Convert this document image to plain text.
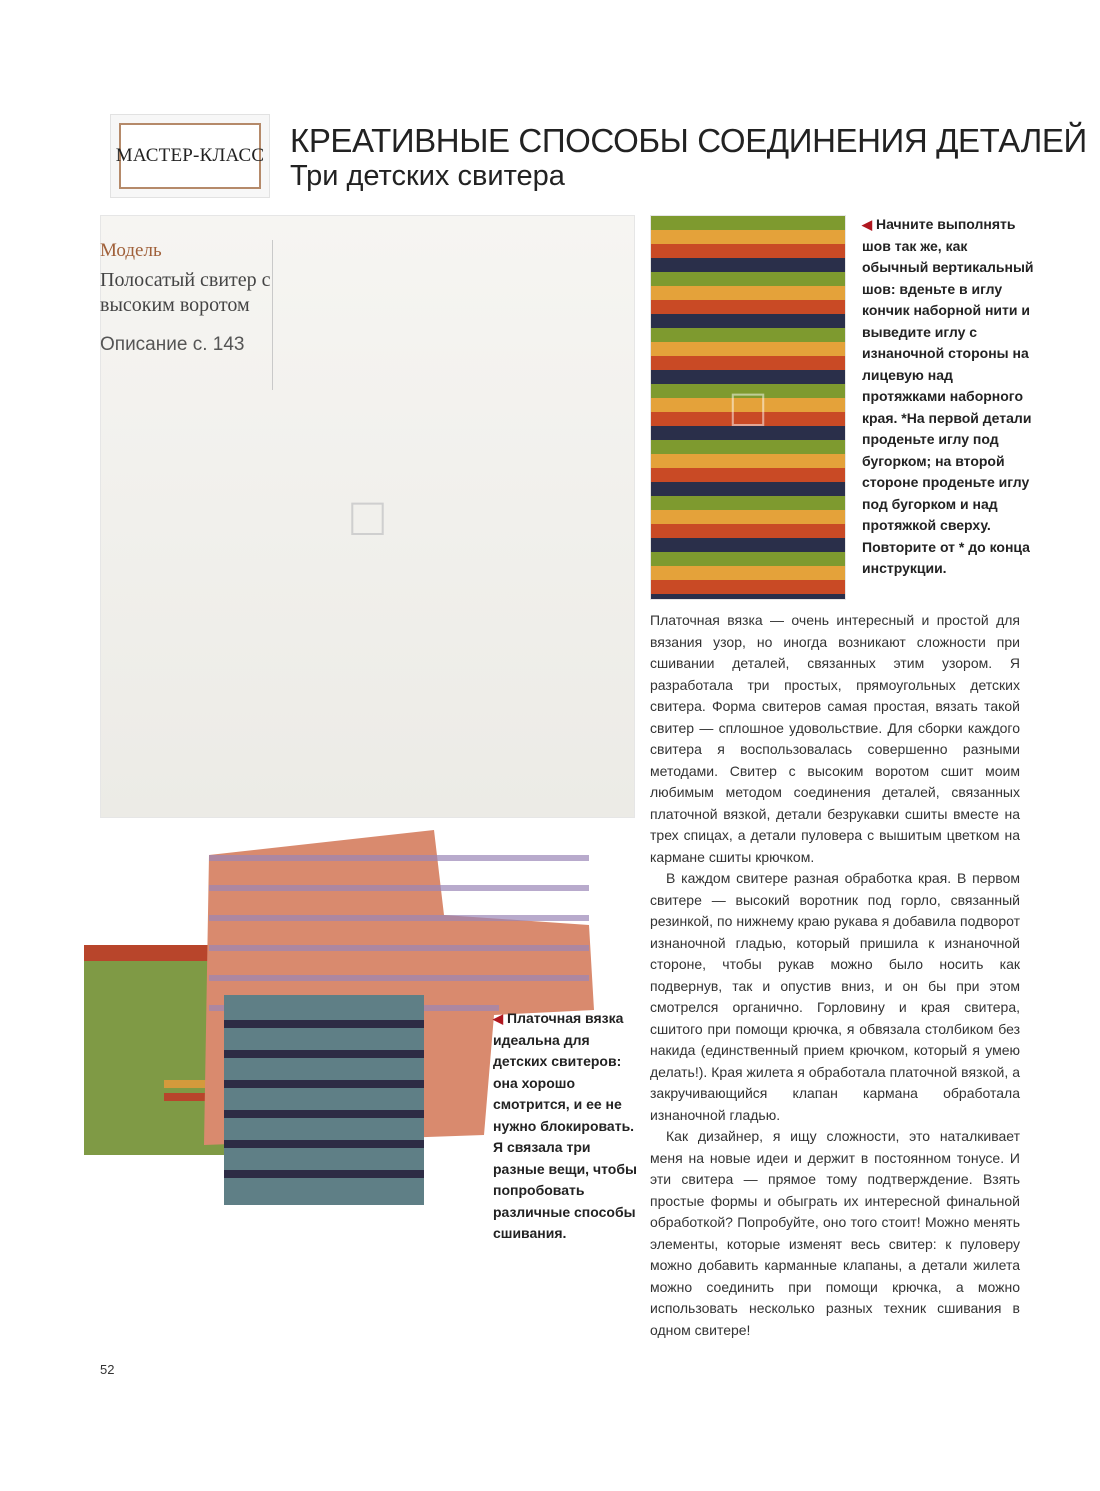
МАСТЕР-КЛАСС КРЕАТИВНЫЕ СПОСОБЫ СОЕДИНЕНИЯ ДЕТАЛЕЙ
Три детских свитера
□
Модель
Полосатый свитер с высоким воротом
Описание с. 143
□
◀ Начните выполнять шов так же, как обычный вертикальный шов: вденьте в иглу кончик наборной нити и выведите иглу с изнаночной стороны на лицевую над протяжками наборного края. *На первой детали проденьте иглу под бугорком; на второй стороне проденьте иглу под бугорком и над протяжкой сверху. Повторите от * до конца инструкции.
◀ Платочная вязка идеальна для детских свитеров: она хорошо смотрится, и ее не нужно блокировать. Я связала три разные вещи, чтобы попробовать различные способы сшивания.

Платочная вязка — очень интересный и простой для вязания узор, но иногда возникают сложности при сшивании деталей, связанных этим узором. Я разработала три простых, прямоугольных детских свитера. Форма свитеров самая простая, вязать такой свитер — сплошное удовольствие. Для сборки каждого свитера я воспользовалась совершенно разными методами. Свитер с высоким воротом сшит моим любимым методом соединения деталей, связанных платочной вязкой, детали безрукавки сшиты вместе на трех спицах, а детали пуловера с вышитым цветком на кармане сшиты крючком.

В каждом свитере разная обработка края. В первом свитере — высокий воротник под горло, связанный резинкой, по нижнему краю рукава я добавила подворот изнаночной гладью, который пришила к изнаночной стороне, чтобы рукав можно было носить как подвернув, так и опустив вниз, и он бы при этом смотрелся органично. Горловину и края свитера, сшитого при помощи крючка, я обвязала столбиком без накида (единственный прием крючком, который я умею делать!). Края жилета я обработала платочной вязкой, а закручивающийся клапан кармана обработала изнаночной гладью.

Как дизайнер, я ищу сложности, это наталкивает меня на новые идеи и держит в постоянном тонусе. И эти свитера — прямое тому подтверждение. Взять простые формы и обыграть их интересной финальной обработкой? Попробуйте, оно того стоит! Можно менять элементы, которые изменят весь свитер: к пуловеру можно добавить карманные клапаны, а детали жилета можно соединить при помощи крючка, а можно использовать несколько разных техник сшивания в одном свитере!

52
